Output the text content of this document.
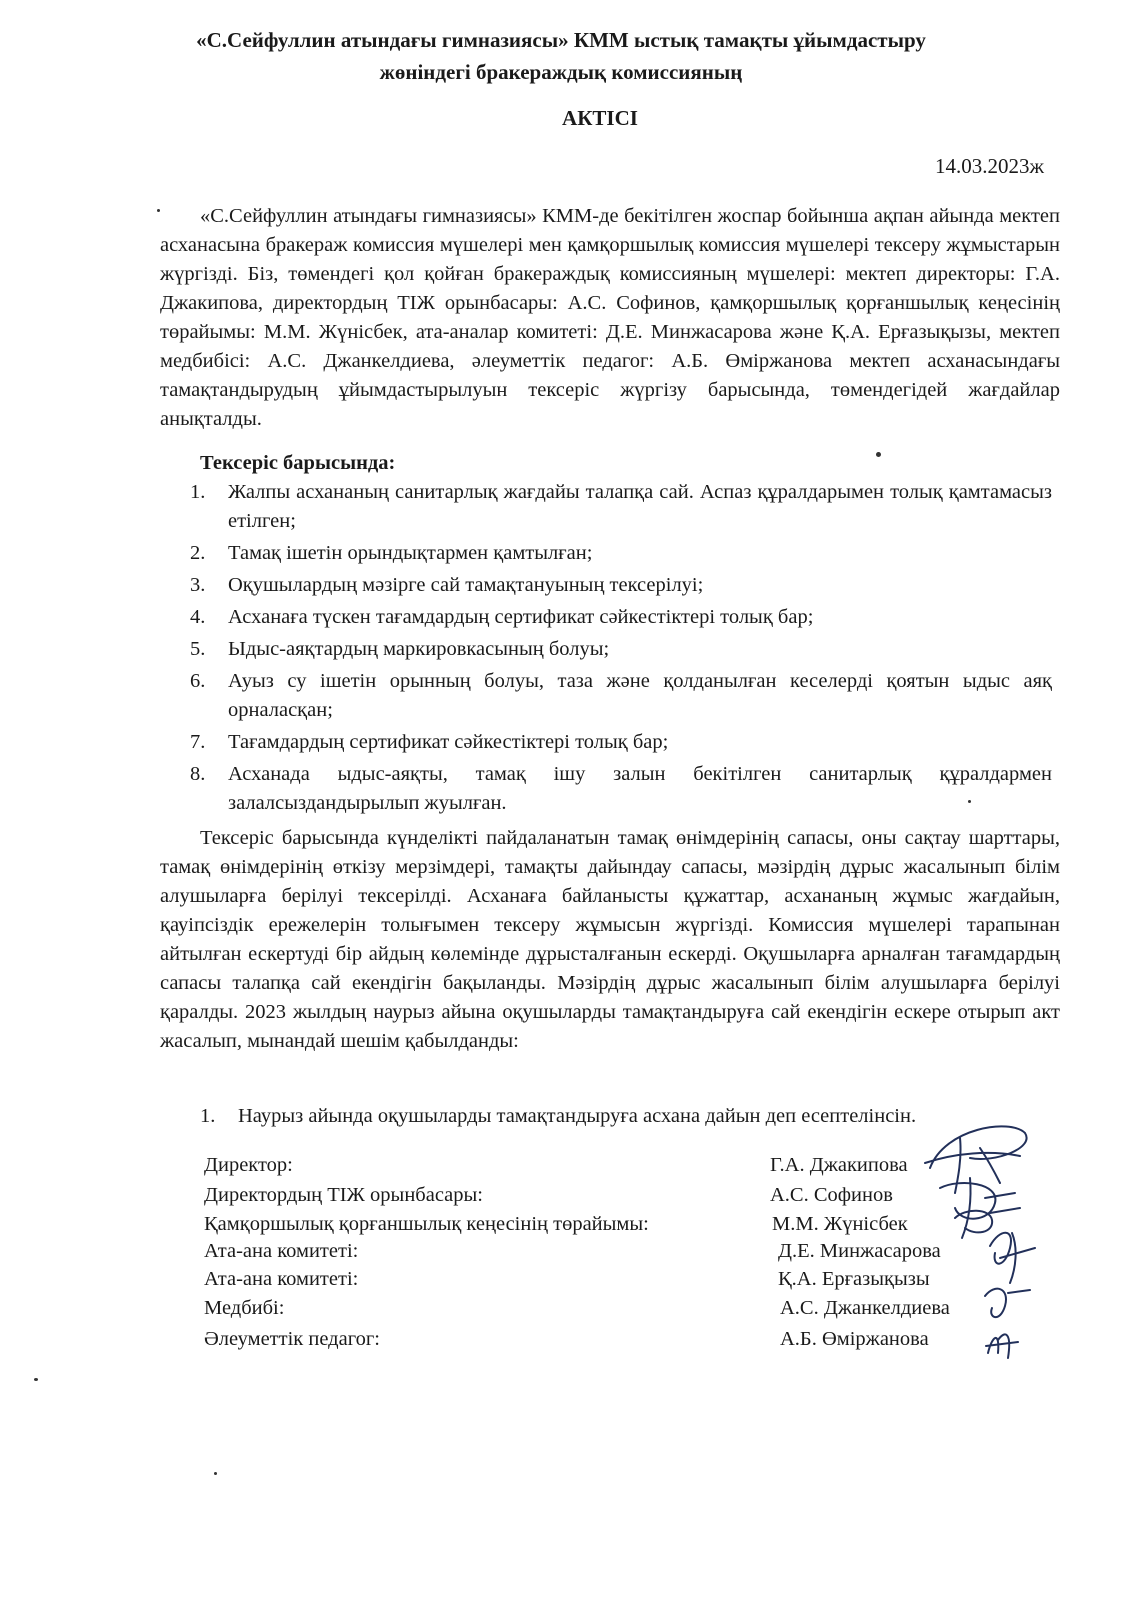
«С.Сейфуллин атындағы гимназиясы» КММ ыстық тамақты ұйымдастыру
жөніндегі бракераждық комиссияның
АКТІСІ
14.03.2023ж

«С.Сейфуллин атындағы гимназиясы» КММ-де бекітілген жоспар бойынша ақпан айында мектеп асханасына бракераж комиссия мүшелері мен қамқоршылық комиссия мүшелері тексеру жұмыстарын жүргізді. Біз, төмендегі қол қойған бракераждық комиссияның мүшелері: мектеп директоры: Г.А. Джакипова, директордың ТІЖ орынбасары: А.С. Софинов, қамқоршылық қорғаншылық кеңесінің төрайымы: М.М. Жүнісбек, ата-аналар комитеті: Д.Е. Минжасарова және Қ.А. Ерғазықызы, мектеп медбибісі: А.С. Джанкелдиева, әлеуметтік педагог: А.Б. Өміржанова мектеп асханасындағы тамақтандырудың ұйымдастырылуын тексеріс жүргізу барысында, төмендегідей жағдайлар анықталды.

Тексеріс барысында:
1. Жалпы асхананың санитарлық жағдайы талапқа сай. Аспаз құралдарымен толық қамтамасыз етілген;
2. Тамақ ішетін орындықтармен қамтылған;
3. Оқушылардың мәзірге сай тамақтануының тексерілуі;
4. Асханаға түскен тағамдардың сертификат сәйкестіктері толық бар;
5. Ыдыс-аяқтардың маркировкасының болуы;
6. Ауыз су ішетін орынның болуы, таза және қолданылған кеселерді қоятын ыдыс аяқ орналасқан;
7. Тағамдардың сертификат сәйкестіктері толық бар;
8. Асханада ыдыс-аяқты, тамақ ішу залын бекітілген санитарлық құралдармен залалсыздандырылып жуылған.

Тексеріс барысында күнделікті пайдаланатын тамақ өнімдерінің сапасы, оны сақтау шарттары, тамақ өнімдерінің өткізу мерзімдері, тамақты дайындау сапасы, мәзірдің дұрыс жасалынып білім алушыларға берілуі тексерілді. Асханаға байланысты құжаттар, асхананың жұмыс жағдайын, қауіпсіздік ережелерін толығымен тексеру жұмысын жүргізді. Комиссия мүшелері тарапынан айтылған ескертуді бір айдың көлемінде дұрысталғанын ескерді. Оқушыларға арналған тағамдардың сапасы талапқа сай екендігін бақыланды. Мәзірдің дұрыс жасалынып білім алушыларға берілуі қаралды. 2023 жылдың наурыз айына оқушыларды тамақтандыруға сай екендігін ескере отырып акт жасалып, мынандай шешім қабылданды:

1. Наурыз айында оқушыларды тамақтандыруға асхана дайын деп есептелінсін.
Директор:	Г.А. Джакипова
Директордың ТІЖ орынбасары:	А.С. Софинов
Қамқоршылық қорғаншылық кеңесінің төрайымы:	М.М. Жүнісбек
Ата-ана комитеті:	Д.Е. Минжасарова
Ата-ана комитеті:	Қ.А. Ерғазықызы
Медбибі:	А.С. Джанкелдиева
Әлеуметтік педагог:	А.Б. Өміржанова
